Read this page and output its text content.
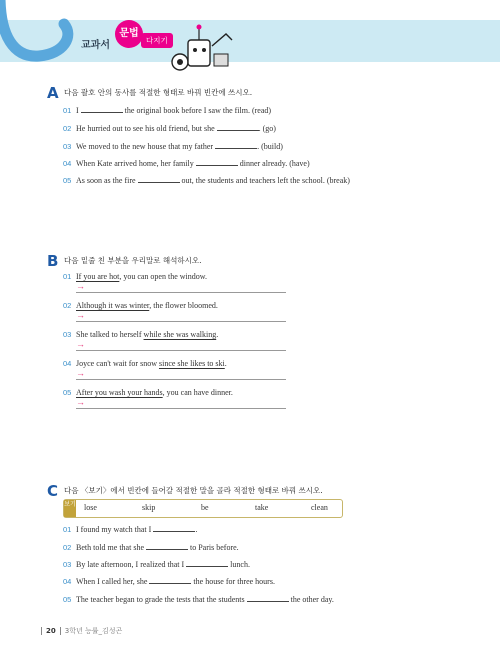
교과서
문법
다지기
A 다음 괄호 안의 동사를 적절한 형태로 바꿔 빈칸에 쓰시오.
01 I	the original book before I saw the film. (read)
02 He hurried out to see his old friend, but she	. (go)
03 We moved to the new house that my father	. (build)
04 When Kate arrived home, her family	dinner already. (have)
05 As soon as the fire	out, the students and teachers left the school. (break)
B 다음 밑줄 친 부분을 우리말로 해석하시오.
01 If you are hot, you can open the window.
→
02 Although it was winter, the flower bloomed.
→
03 She talked to herself while she was walking.
→
04 Joyce can't wait for snow since she likes to ski.
→
05 After you wash your hands, you can have dinner.
→
C 다음 〈보기〉에서 빈칸에 들어갈 적절한 말을 골라 적절한 형태로 바꿔 쓰시오.
보기 lose	skip	be	take	clean
01 I found my watch that I	.
02 Beth told me that she	to Paris before.
03 By late afternoon, I realized that I	lunch.
04 When I called her, she	the house for three hours.
05 The teacher began to grade the tests that the students	the other day.
20 3학년 능률_김성곤
